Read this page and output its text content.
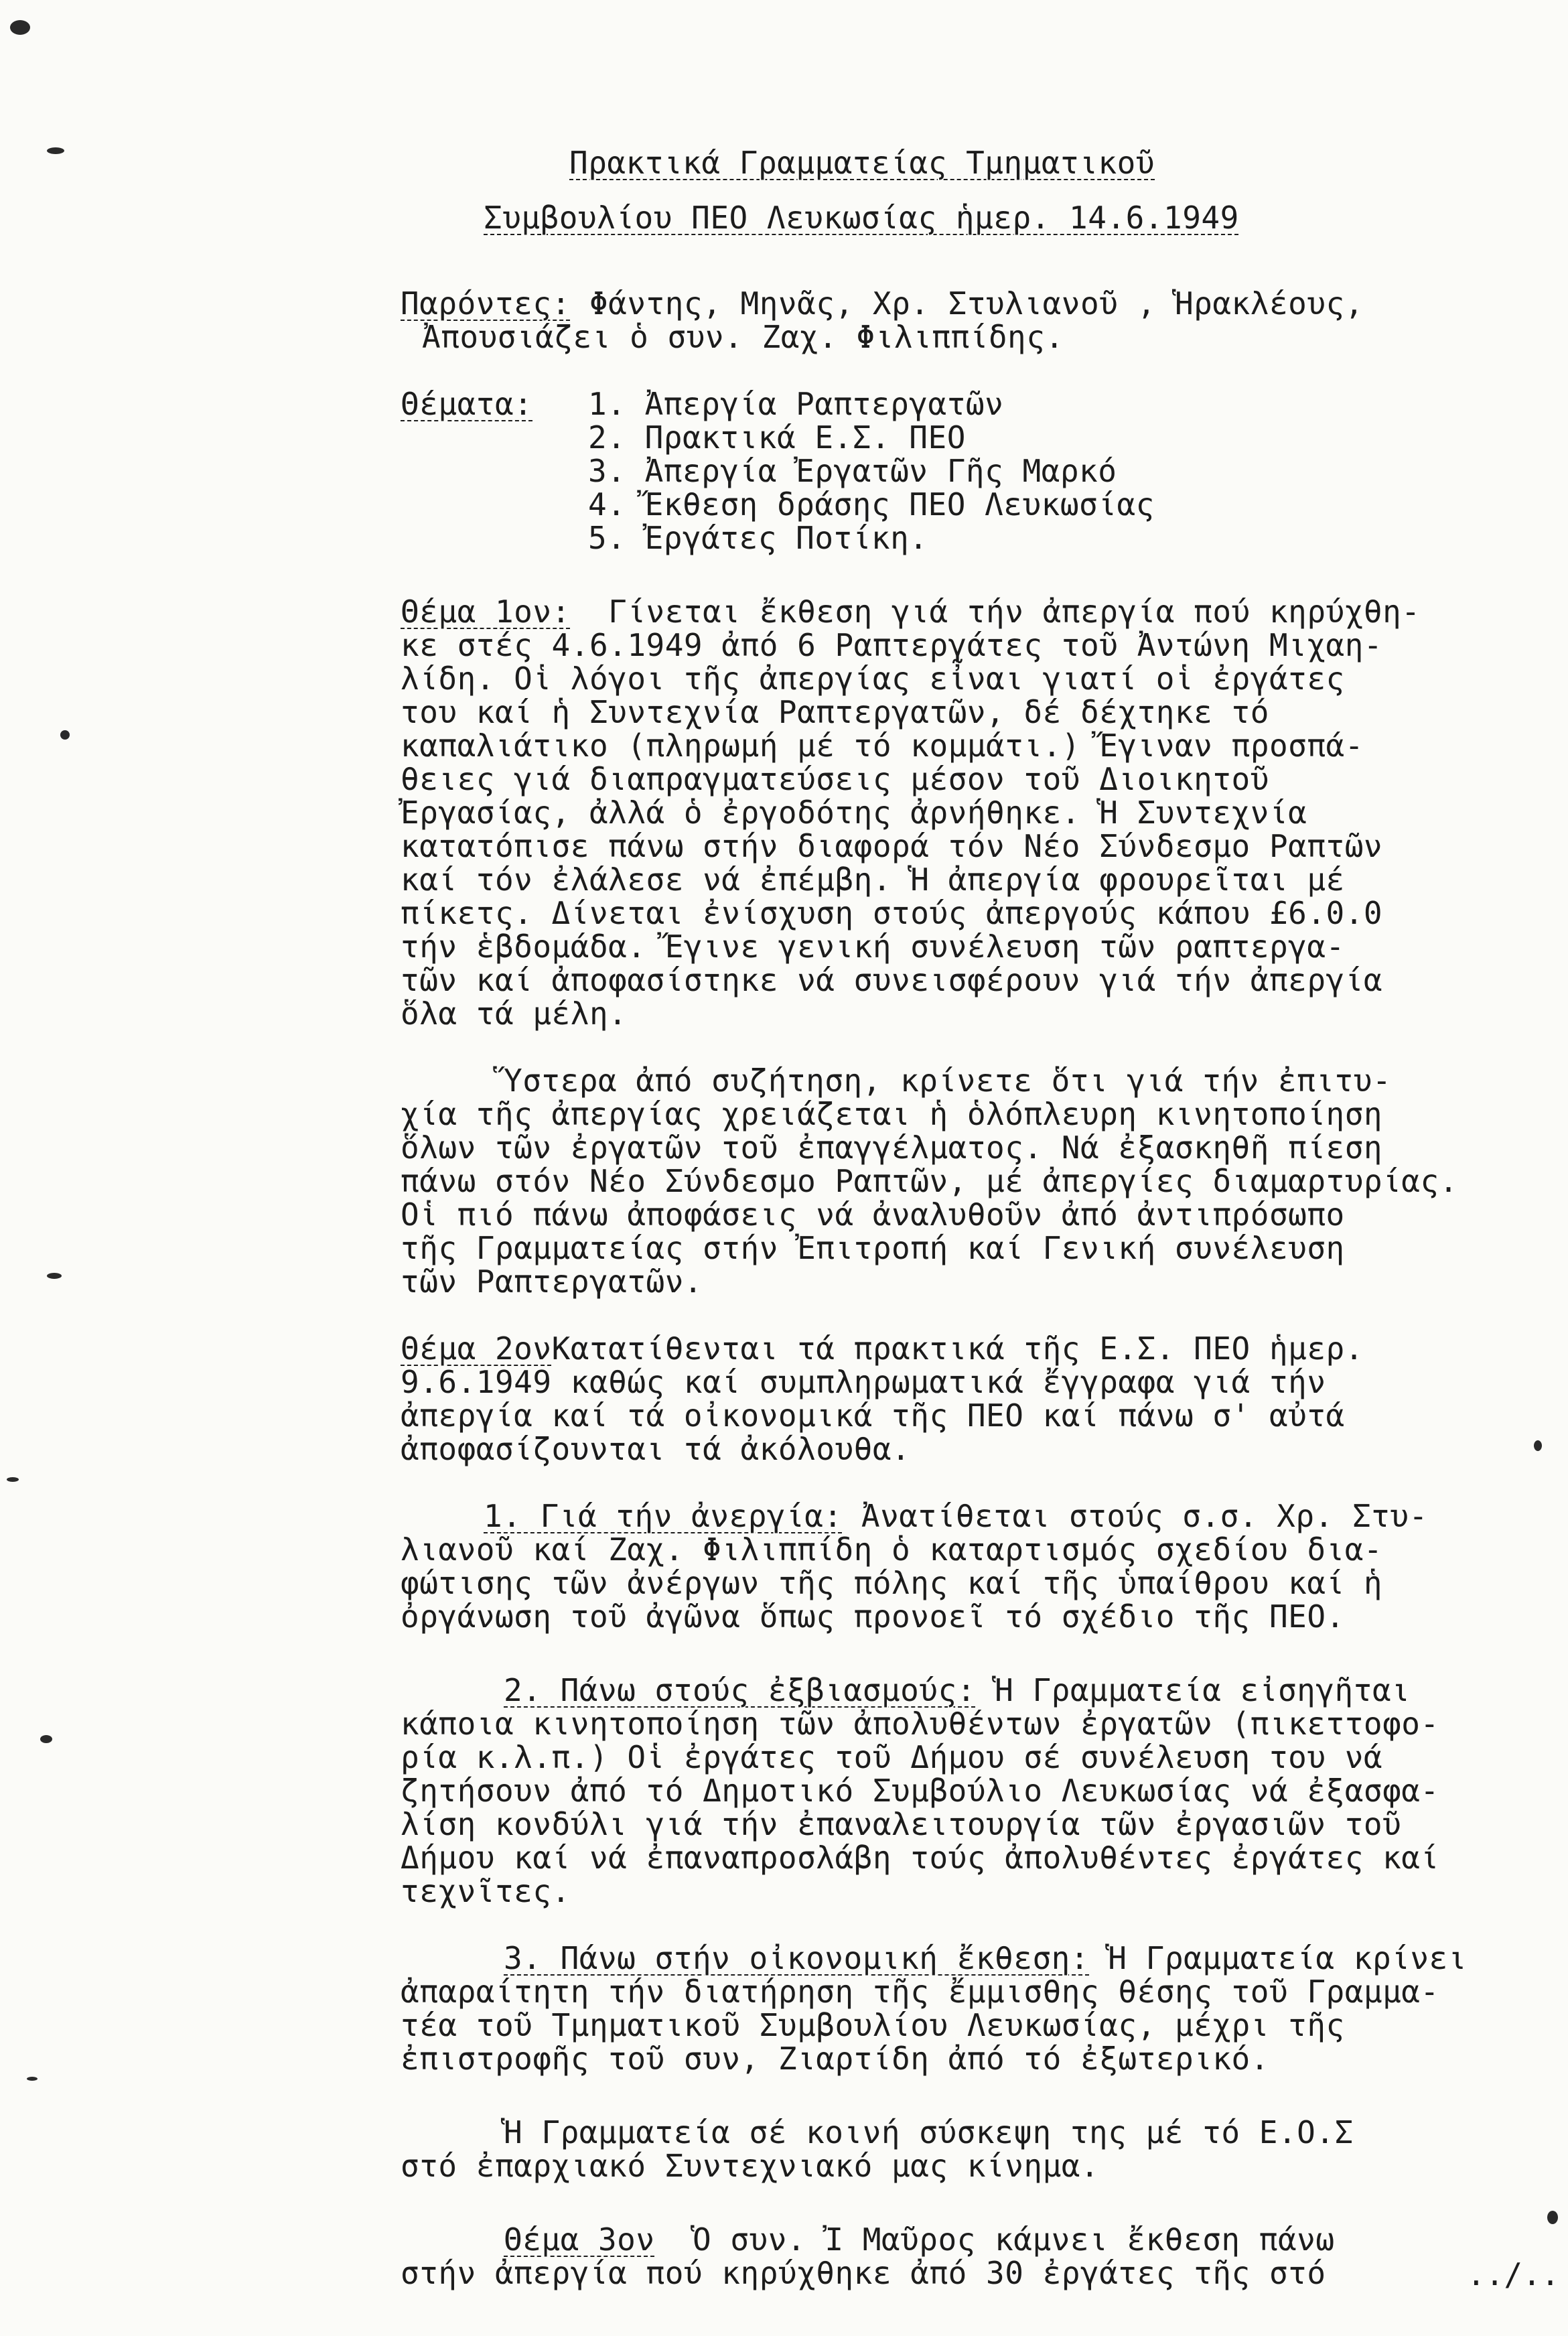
Πρακτικά Γραμματείας Τμηματικοῦ
Συμβουλίου ΠΕΟ Λευκωσίας ἡμερ. 14.6.1949
Παρόντες: Φάντης, Μηνᾶς, Χρ. Στυλιανοῦ , Ἡρακλέους,
Ἀπουσιάζει ὁ συν. Ζαχ. Φιλιππίδης.
Θέματα: 1. Ἀπεργία Ραπτεργατῶν
2. Πρακτικά Ε.Σ. ΠΕΟ
3. Ἀπεργία Ἐργατῶν Γῆς Μαρκό
4. Ἔκθεση δράσης ΠΕΟ Λευκωσίας
5. Ἐργάτες Ποτίκη.
Θέμα 1ον: Γίνεται ἔκθεση γιά τήν ἀπεργία πού κηρύχθη-
κε στές 4.6.1949 ἀπό 6 Ραπτεργάτες τοῦ Ἀντώνη Μιχαη-
λίδη. Οἱ λόγοι τῆς ἀπεργίας εἶναι γιατί οἱ ἐργάτες
του καί ἡ Συντεχνία Ραπτεργατῶν, δέ δέχτηκε τό
καπαλιάτικο (πληρωμή μέ τό κομμάτι.) Ἔγιναν προσπά-
θειες γιά διαπραγματεύσεις μέσον τοῦ Διοικητοῦ
Ἐργασίας, ἀλλά ὁ ἐργοδότης ἀρνήθηκε. Ἡ Συντεχνία
κατατόπισε πάνω στήν διαφορά τόν Νέο Σύνδεσμο Ραπτῶν
καί τόν ἐλάλεσε νά ἐπέμβη. Ἡ ἀπεργία φρουρεῖται μέ
πίκετς. Δίνεται ἐνίσχυση στούς ἀπεργούς κάπου £6.0.0
τήν ἑβδομάδα. Ἔγινε γενική συνέλευση τῶν ραπτεργα-
τῶν καί ἀποφασίστηκε νά συνεισφέρουν γιά τήν ἀπεργία
ὅλα τά μέλη.
Ὕστερα ἀπό συζήτηση, κρίνετε ὅτι γιά τήν ἐπιτυ-
χία τῆς ἀπεργίας χρειάζεται ἡ ὁλόπλευρη κινητοποίηση
ὅλων τῶν ἐργατῶν τοῦ ἐπαγγέλματος. Νά ἐξασκηθῆ πίεση
πάνω στόν Νέο Σύνδεσμο Ραπτῶν, μέ ἀπεργίες διαμαρτυρίας.
Οἱ πιό πάνω ἀποφάσεις νά ἀναλυθοῦν ἀπό ἀντιπρόσωπο
τῆς Γραμματείας στήν Ἐπιτροπή καί Γενική συνέλευση
τῶν Ραπτεργατῶν.
Θέμα 2ονΚατατίθενται τά πρακτικά τῆς Ε.Σ. ΠΕΟ ἡμερ.
9.6.1949 καθώς καί συμπληρωματικά ἔγγραφα γιά τήν
ἀπεργία καί τά οἰκονομικά τῆς ΠΕΟ καί πάνω σ' αὐτά
ἀποφασίζουνται τά ἀκόλουθα.
1. Γιά τήν ἀνεργία: Ἀνατίθεται στούς σ.σ. Χρ. Στυ-
λιανοῦ καί Ζαχ. Φιλιππίδη ὁ καταρτισμός σχεδίου δια-
φώτισης τῶν ἀνέργων τῆς πόλης καί τῆς ὑπαίθρου καί ἡ
ὀργάνωση τοῦ ἀγῶνα ὅπως προνοεῖ τό σχέδιο τῆς ΠΕΟ.
2. Πάνω στούς ἐξβιασμούς: Ἡ Γραμματεία εἰσηγῆται
κάποια κινητοποίηση τῶν ἀπολυθέντων ἐργατῶν (πικεττοφο-
ρία κ.λ.π.) Οἱ ἐργάτες τοῦ Δήμου σέ συνέλευση του νά
ζητήσουν ἀπό τό Δημοτικό Συμβούλιο Λευκωσίας νά ἐξασφα-
λίση κονδύλι γιά τήν ἐπαναλειτουργία τῶν ἐργασιῶν τοῦ
Δήμου καί νά ἐπαναπροσλάβη τούς ἀπολυθέντες ἐργάτες καί
τεχνῖτες.
3. Πάνω στήν οἰκονομική ἔκθεση: Ἡ Γραμματεία κρίνει
ἀπαραίτητη τήν διατήρηση τῆς ἔμμισθης θέσης τοῦ Γραμμα-
τέα τοῦ Τμηματικοῦ Συμβουλίου Λευκωσίας, μέχρι τῆς
ἐπιστροφῆς τοῦ συν, Ζιαρτίδη ἀπό τό ἐξωτερικό.
Ἡ Γραμματεία σέ κοινή σύσκεψη της μέ τό Ε.Ο.Σ
στό ἐπαρχιακό Συντεχνιακό μας κίνημα.
Θέμα 3ον Ὁ συν. Ἰ Μαῦρος κάμνει ἔκθεση πάνω
στήν ἀπεργία πού κηρύχθηκε ἀπό 30 ἐργάτες τῆς στό	../..
